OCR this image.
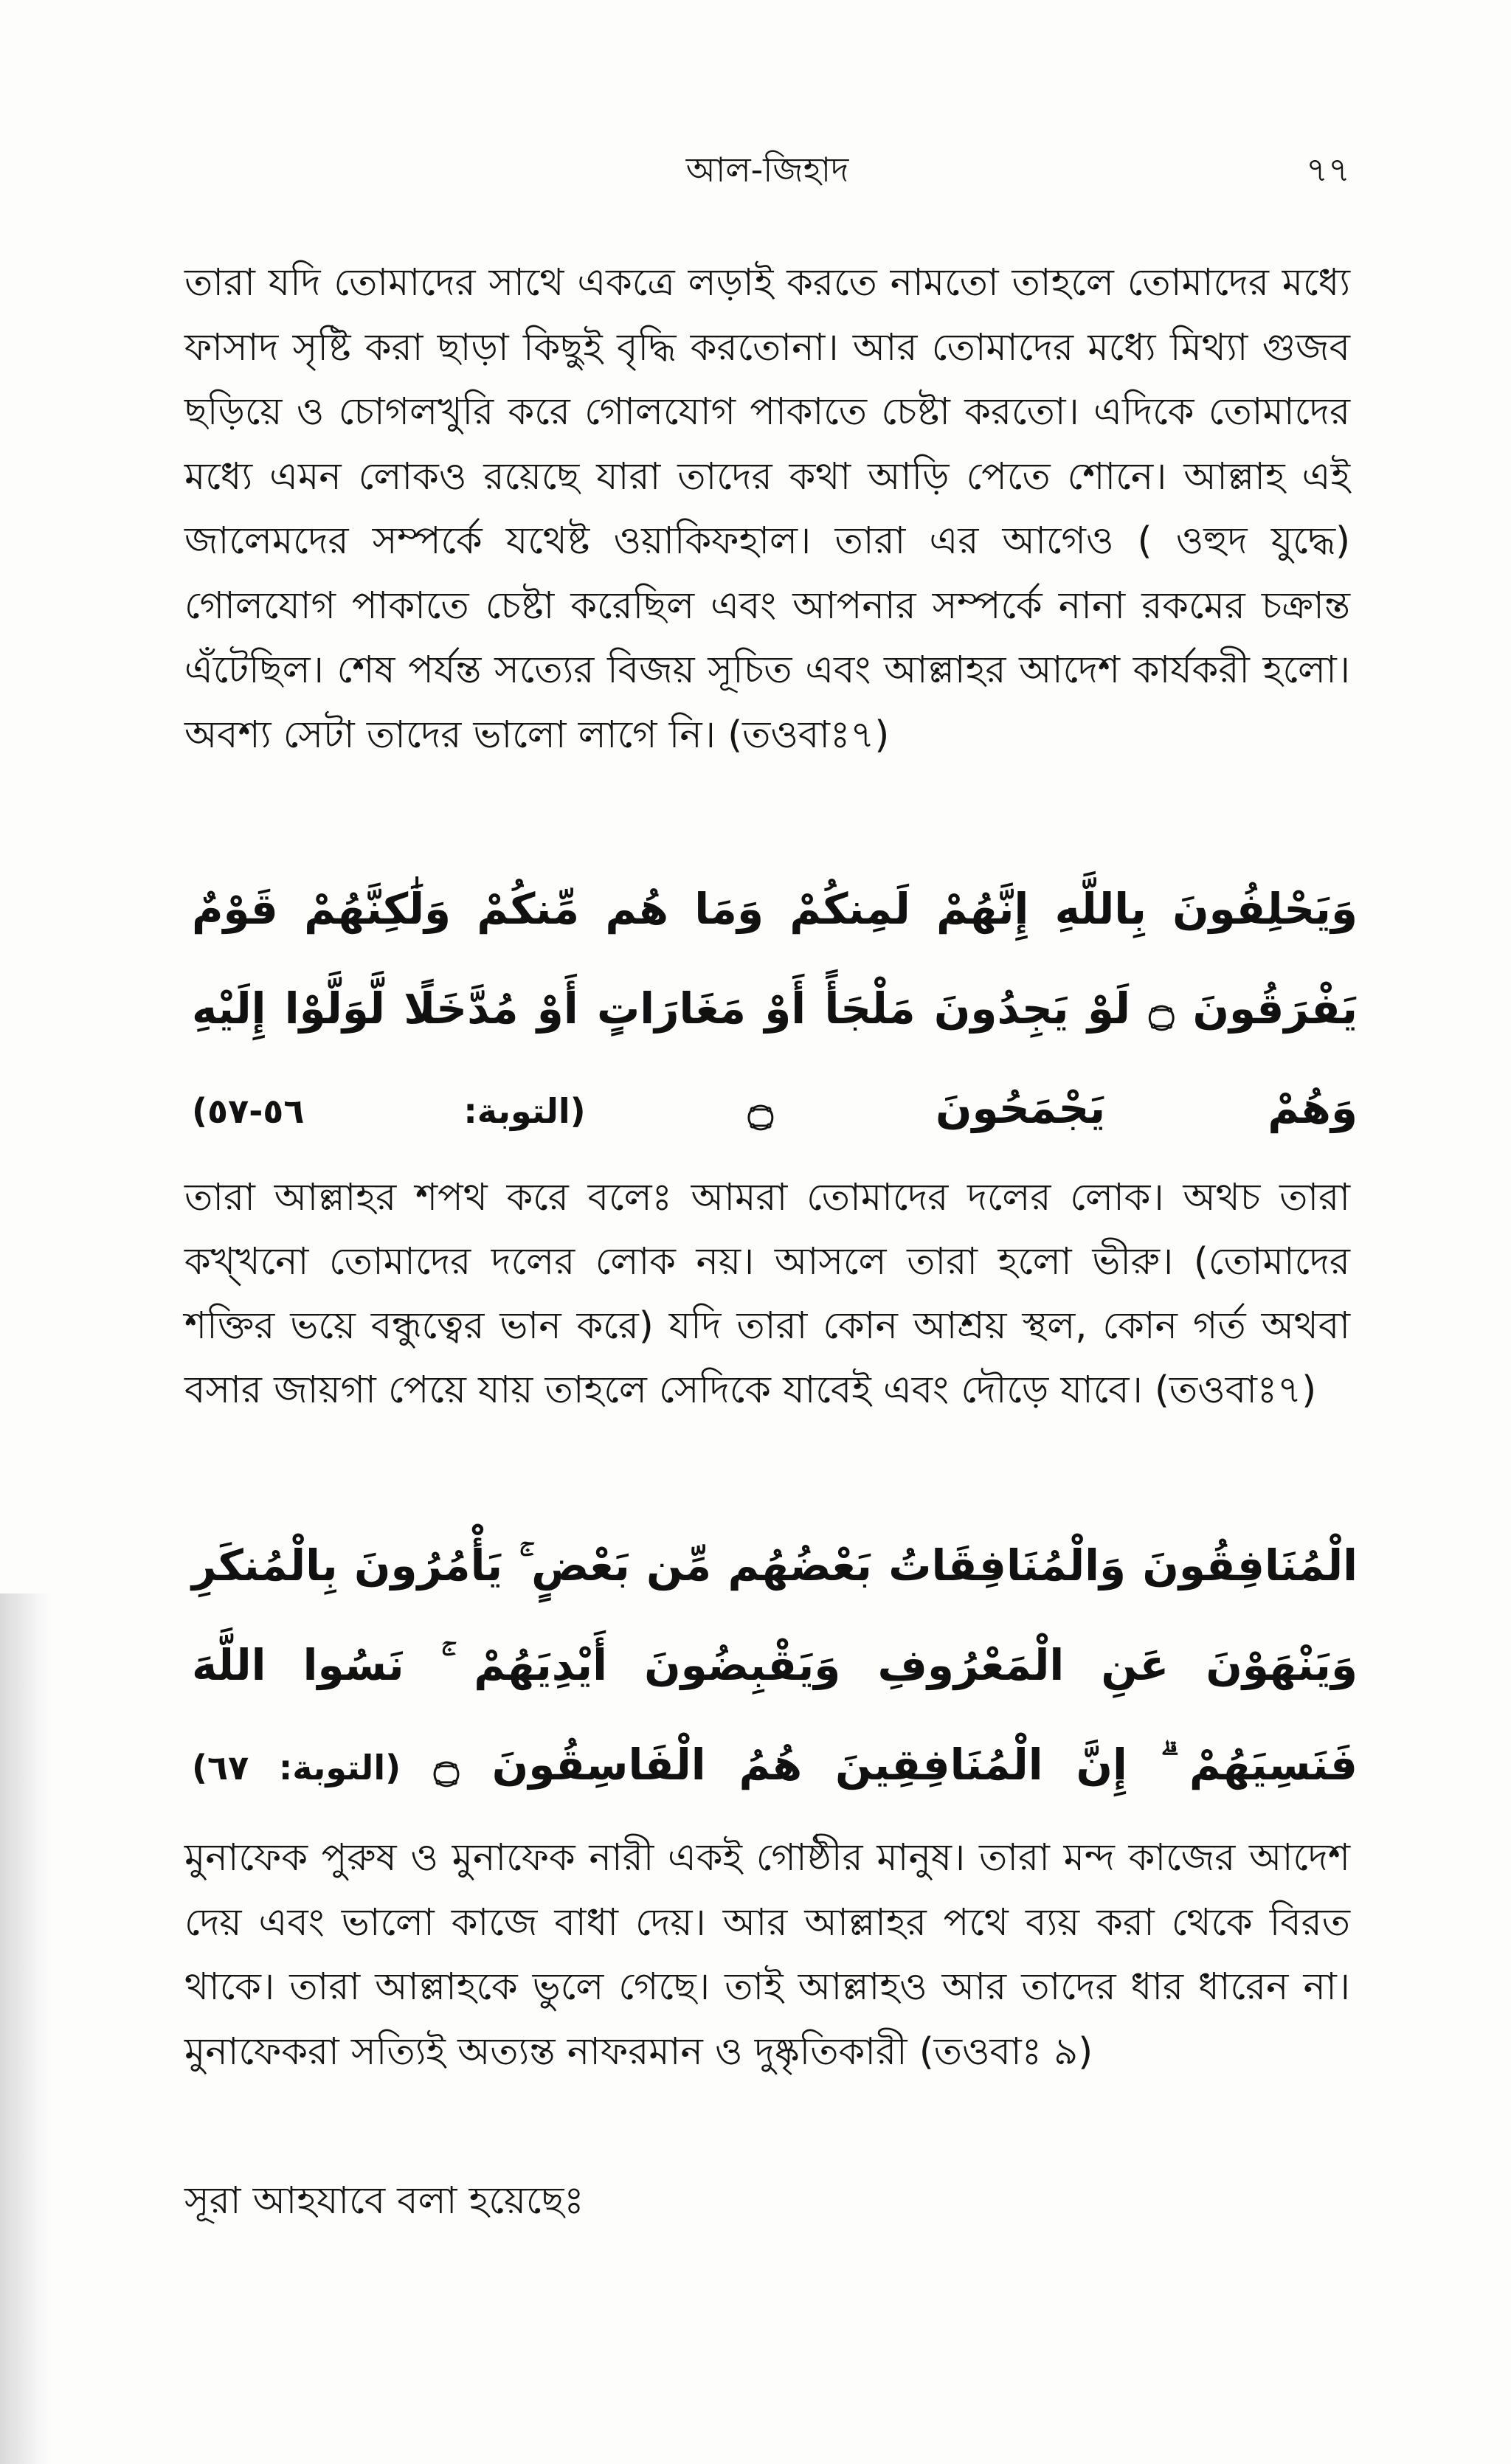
আল-জিহাদ	৭৭

তারা যদি তোমাদের সাথে একত্রে লড়াই করতে নামতো তাহলে তোমাদের মধ্যে ফাসাদ সৃষ্টি করা ছাড়া কিছুই বৃদ্ধি করতোনা। আর তোমাদের মধ্যে মিথ্যা গুজব ছড়িয়ে ও চোগলখুরি করে গোলযোগ পাকাতে চেষ্টা করতো। এদিকে তোমাদের মধ্যে এমন লোকও রয়েছে যারা তাদের কথা আড়ি পেতে শোনে। আল্লাহ এই জালেমদের সম্পর্কে যথেষ্ট ওয়াকিফহাল। তারা এর আগেও ( ওহুদ যুদ্ধে) গোলযোগ পাকাতে চেষ্টা করেছিল এবং আপনার সম্পর্কে নানা রকমের চক্রান্ত এঁটেছিল। শেষ পর্যন্ত সত্যের বিজয় সূচিত এবং আল্লাহর আদেশ কার্যকরী হলো। অবশ্য সেটা তাদের ভালো লাগে নি। (তওবাঃ৭)

وَيَحْلِفُونَ بِاللَّهِ إِنَّهُمْ لَمِنكُمْ وَمَا هُم مِّنكُمْ وَلَٰكِنَّهُمْ قَوْمٌ يَفْرَقُونَ ۝ لَوْ يَجِدُونَ مَلْجَأً أَوْ مَغَارَاتٍ أَوْ مُدَّخَلًا لَّوَلَّوْا إِلَيْهِ وَهُمْ يَجْمَحُونَ ۝ (التوبة: ٥٦-٥٧)

তারা আল্লাহর শপথ করে বলেঃ আমরা তোমাদের দলের লোক। অথচ তারা কখ্খনো তোমাদের দলের লোক নয়। আসলে তারা হলো ভীরু। (তোমাদের শক্তির ভয়ে বন্ধুত্বের ভান করে) যদি তারা কোন আশ্রয় স্থল, কোন গর্ত অথবা বসার জায়গা পেয়ে যায় তাহলে সেদিকে যাবেই এবং দৌড়ে যাবে। (তওবাঃ৭)

الْمُنَافِقُونَ وَالْمُنَافِقَاتُ بَعْضُهُم مِّن بَعْضٍ ۚ يَأْمُرُونَ بِالْمُنكَرِ وَيَنْهَوْنَ عَنِ الْمَعْرُوفِ وَيَقْبِضُونَ أَيْدِيَهُمْ ۚ نَسُوا اللَّهَ فَنَسِيَهُمْ ۗ إِنَّ الْمُنَافِقِينَ هُمُ الْفَاسِقُونَ ۝ (التوبة: ٦٧)

মুনাফেক পুরুষ ও মুনাফেক নারী একই গোষ্ঠীর মানুষ। তারা মন্দ কাজের আদেশ দেয় এবং ভালো কাজে বাধা দেয়। আর আল্লাহর পথে ব্যয় করা থেকে বিরত থাকে। তারা আল্লাহকে ভুলে গেছে। তাই আল্লাহও আর তাদের ধার ধারেন না। মুনাফেকরা সত্যিই অত্যন্ত নাফরমান ও দুষ্কৃতিকারী (তওবাঃ ৯)

সূরা আহযাবে বলা হয়েছেঃ
